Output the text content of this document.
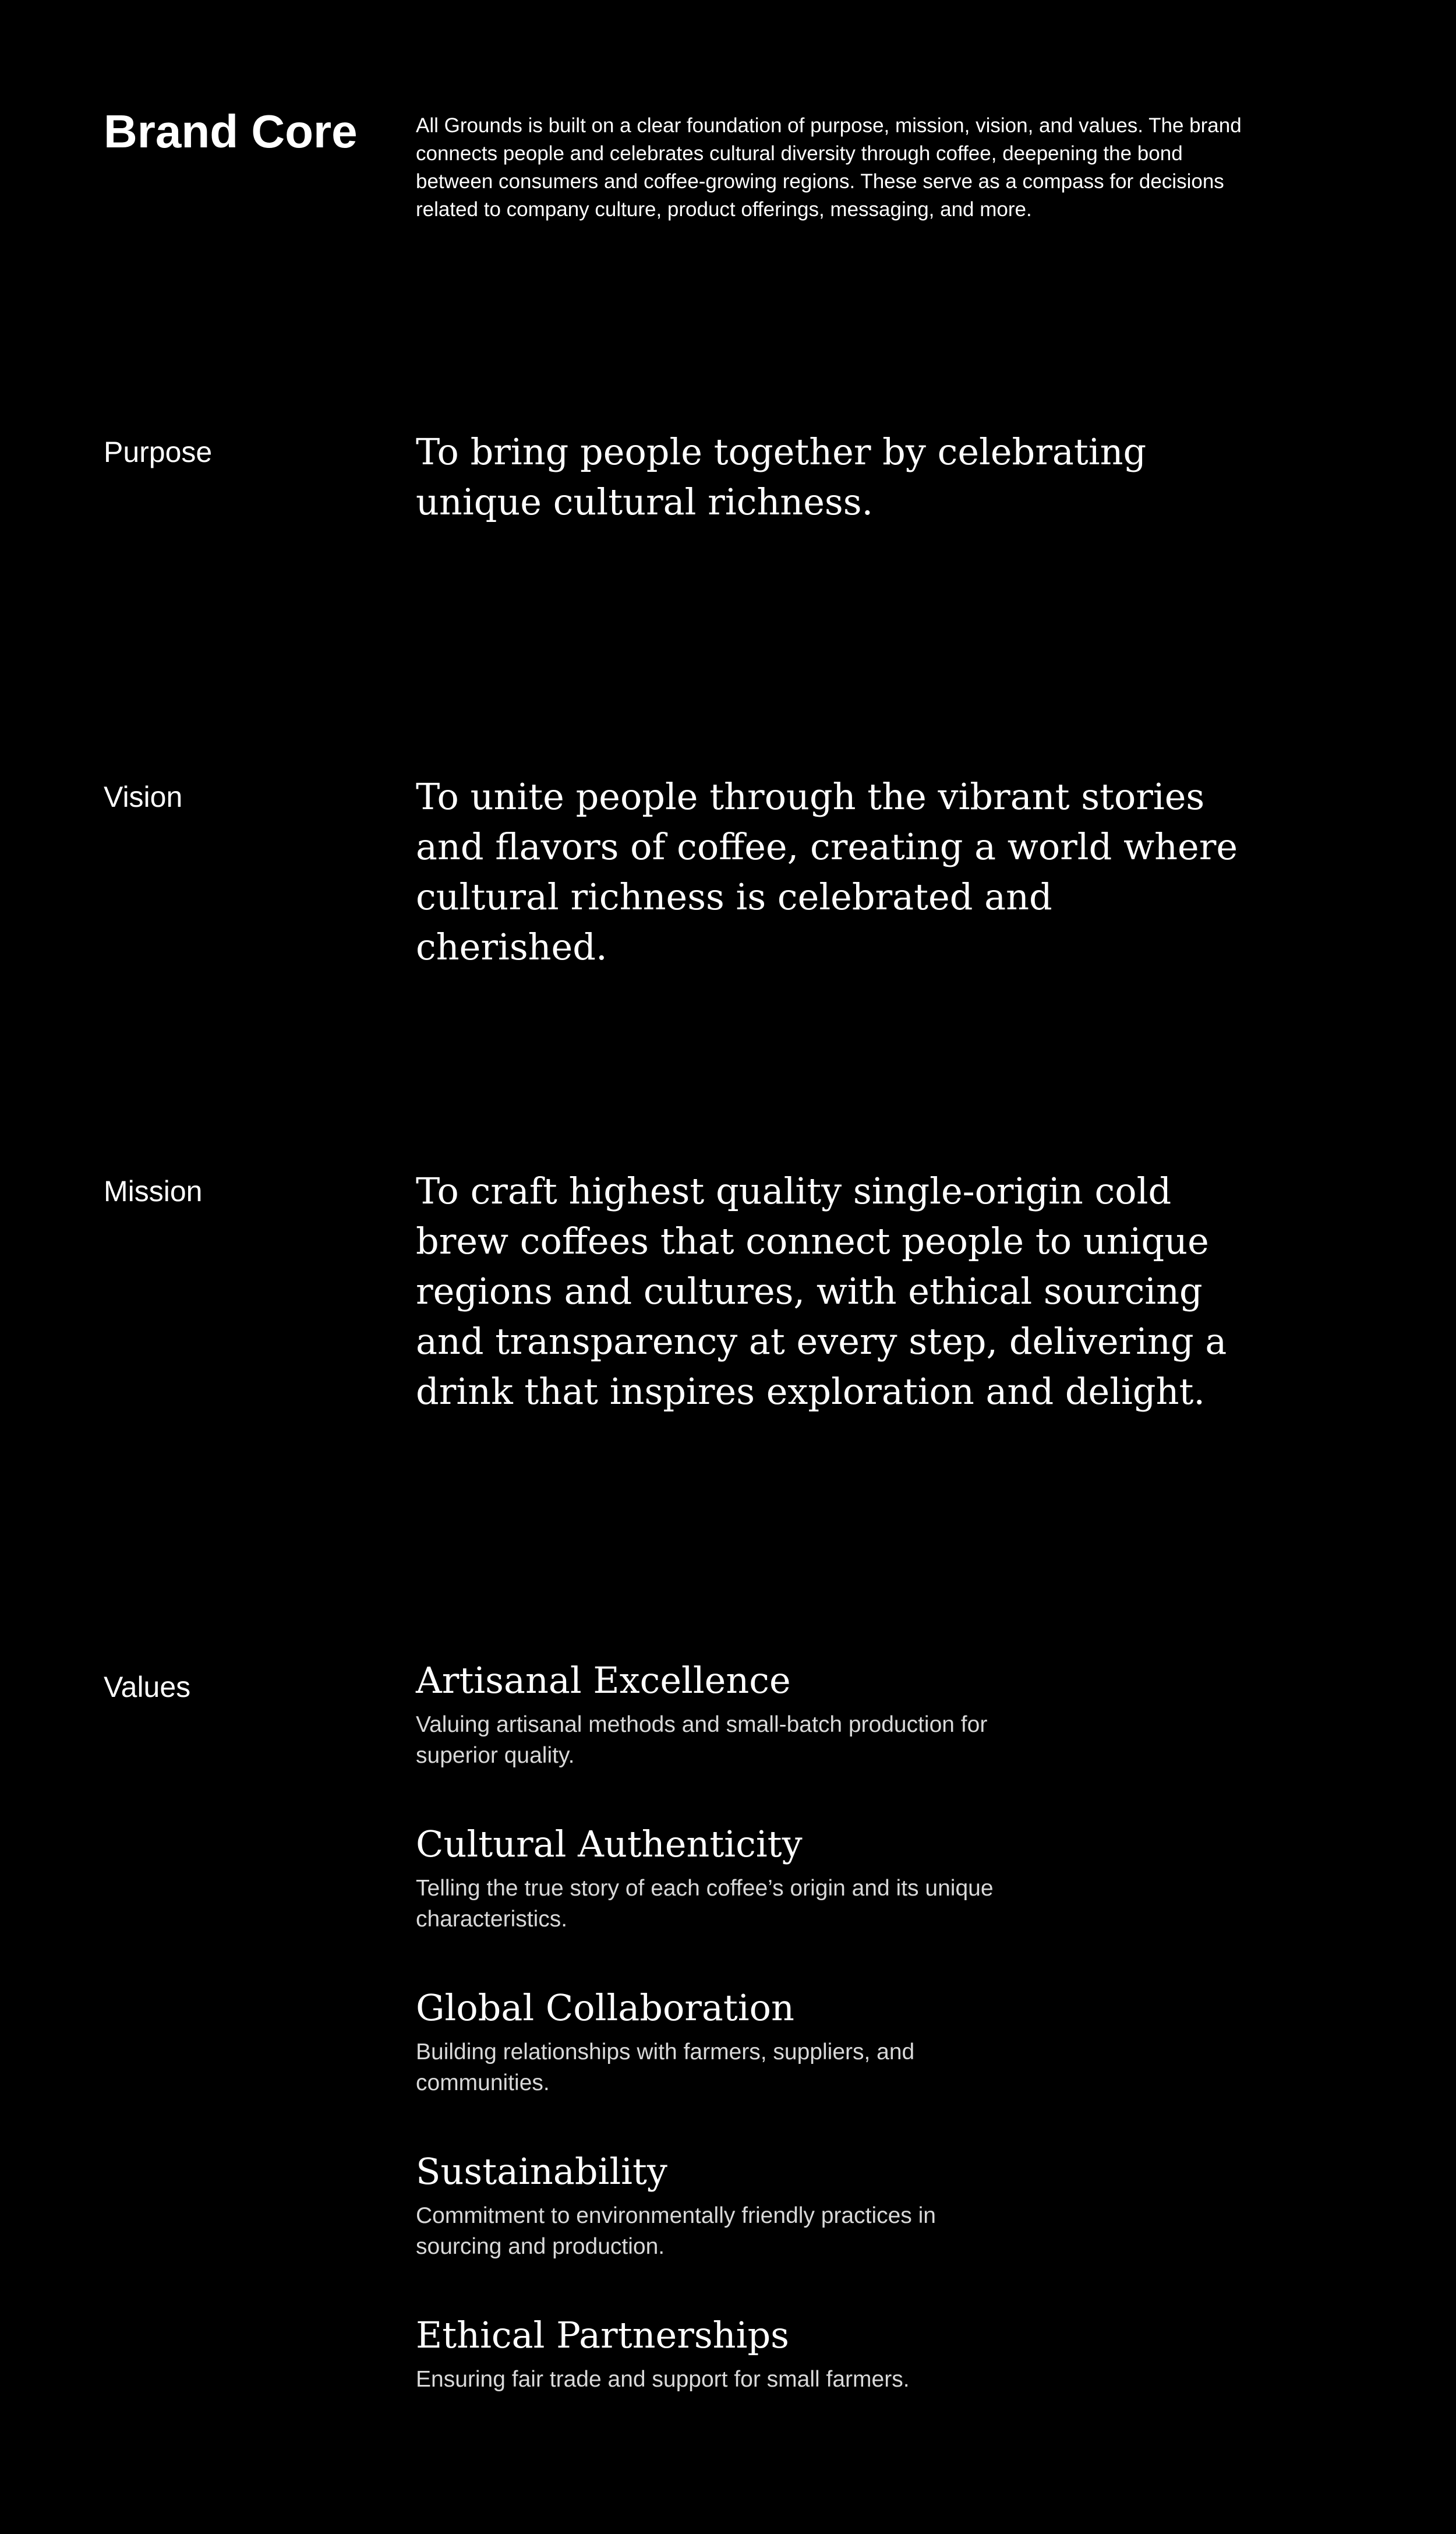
Brand Core	All Grounds is built on a clear foundation of purpose, mission, vision, and values. The brand connects people and celebrates cultural diversity through coffee, deepening the bond between consumers and coffee-growing regions. These serve as a compass for decisions related to company culture, product offerings, messaging, and more.

Purpose	To bring people together by celebrating unique cultural richness.

Vision	To unite people through the vibrant stories and flavors of coffee, creating a world where cultural richness is celebrated and cherished.

Mission	To craft highest quality single-origin cold brew coffees that connect people to unique regions and cultures, with ethical sourcing and transparency at every step, delivering a drink that inspires exploration and delight.

Values	Artisanal Excellence

Valuing artisanal methods and small-batch production for superior quality.

Cultural Authenticity

Telling the true story of each coffee’s origin and its unique characteristics.

Global Collaboration

Building relationships with farmers, suppliers, and communities.

Sustainability

Commitment to environmentally friendly practices in sourcing and production.

Ethical Partnerships

Ensuring fair trade and support for small farmers.
